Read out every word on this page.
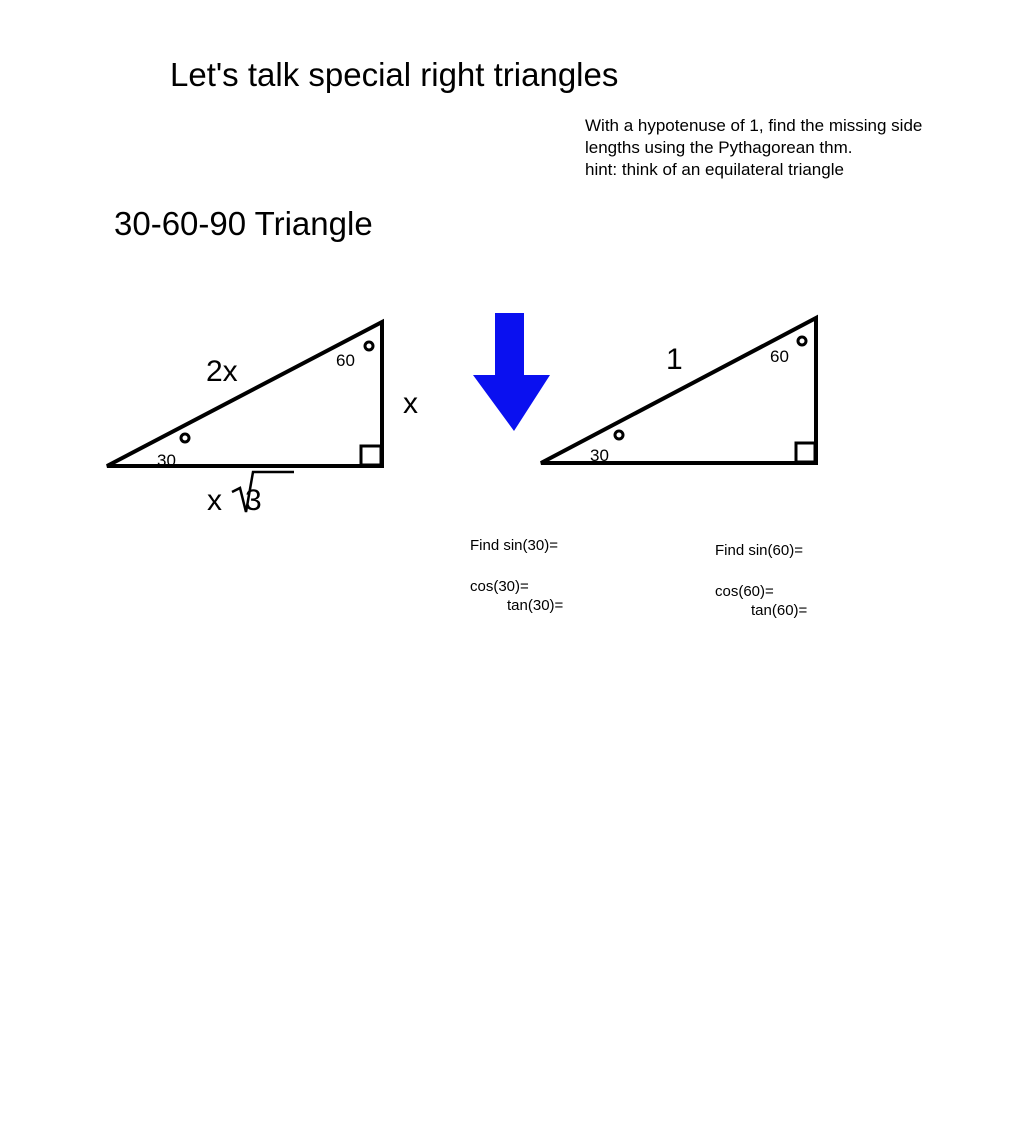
Let's talk special right triangles
With a hypotenuse of 1, find the missing side
lengths using the Pythagorean thm.
hint: think of an equilateral triangle
30-60-90 Triangle
2x
x
x 3
60
30
1	60
30
Find sin(30)=
cos(30)=
tan(30)=
Find sin(60)=
cos(60)=
tan(60)=
